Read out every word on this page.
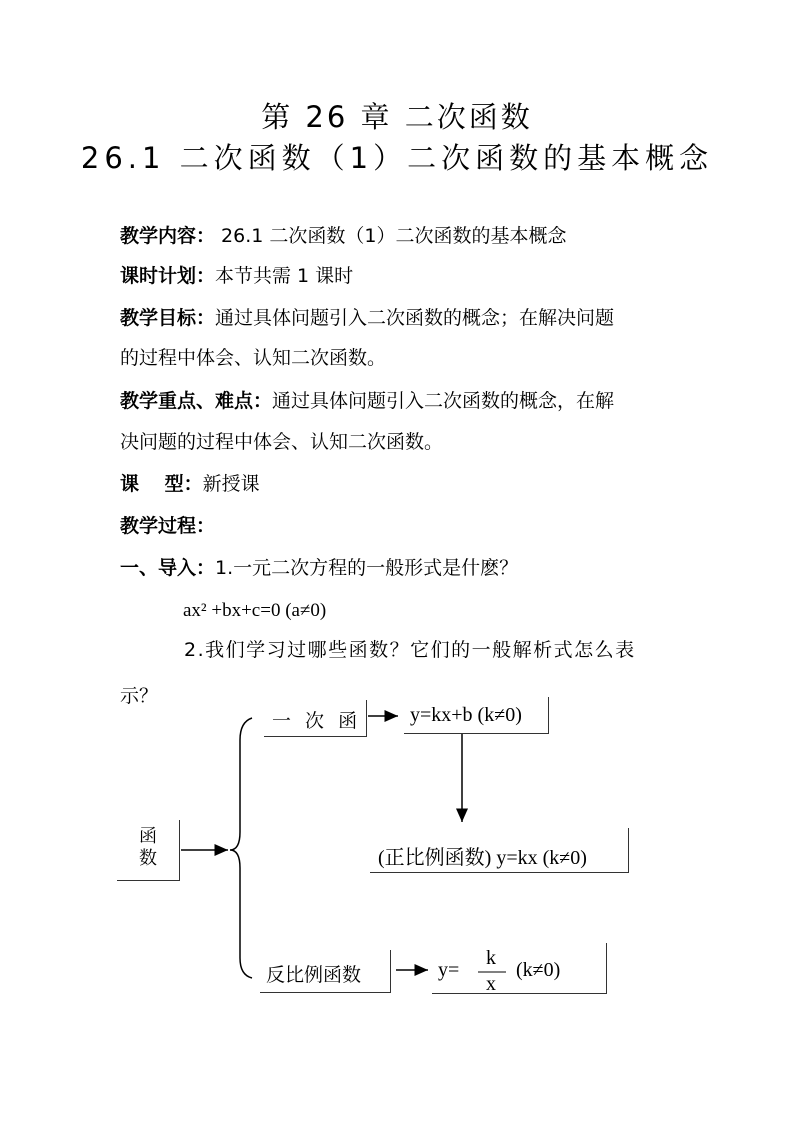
第 26 章 二次函数
26.1 二次函数（1）二次函数的基本概念
教学内容： 26.1 二次函数（1）二次函数的基本概念
课时计划：本节共需 1 课时
教学目标：通过具体问题引入二次函数的概念；在解决问题
的过程中体会、认知二次函数。
教学重点、难点：通过具体问题引入二次函数的概念，在解
决问题的过程中体会、认知二次函数。
课　 型：新授课
教学过程：
一、导入：1.一元二次方程的一般形式是什麽？
ax² +bx+c=0 (a≠0)
2.我们学习过哪些函数？它们的一般解析式怎么表
示？
函数
一 次 函 y=kx+b (k≠0)
(正比例函数) y=kx (k≠0)
反比例函数	y=
k
x
(k≠0)
